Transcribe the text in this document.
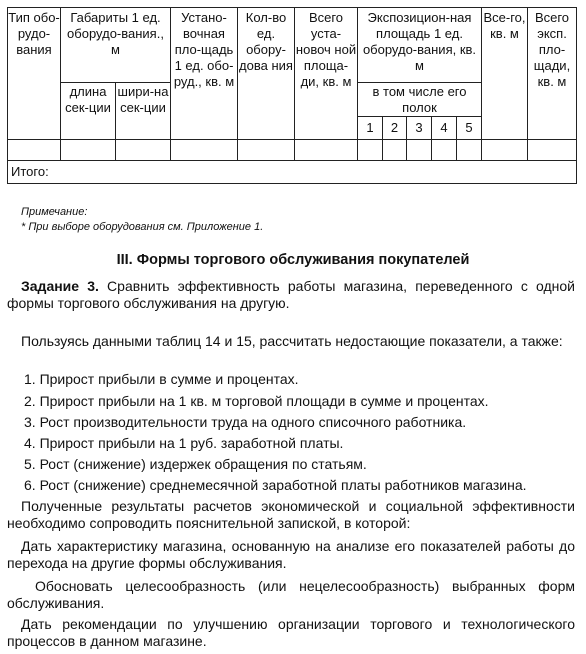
Тип обо-рудо-вания	Габариты 1 ед. оборудо-вания., м		Устано-вочная пло-щадь 1 ед. обо-руд., кв. м	Кол-во ед. обору-дова ния	Всего уста-новоч ной площа-ди, кв. м	Экспозицион-ная площадь 1 ед. оборудо-вания, кв. м					Все-го, кв. м	Всего эксп. пло-щади, кв. м
	длина сек-ции	шири-на сек-ции				в том числе его полок						
						1	2	3	4	5		

Итого:												
Примечание:
* При выборе оборудования см. Приложение 1.
III. Формы торгового обслуживания покупателей
Задание 3. Сравнить эффективность работы магазина, переведенного с одной формы торгового обслуживания на другую.
Пользуясь данными таблиц 14 и 15, рассчитать недостающие показатели, а также:
1. Прирост прибыли в сумме и процентах.
2. Прирост прибыли на 1 кв. м торговой площади в сумме и процентах.
3. Рост производительности труда на одного списочного работника.
4. Прирост прибыли на 1 руб. заработной платы.
5. Рост (снижение) издержек обращения по статьям.
6. Рост (снижение) среднемесячной заработной платы работников магазина.
Полученные результаты расчетов экономической и социальной эффективности необходимо сопроводить пояснительной запиской, в которой:
Дать характеристику магазина, основанную на анализе его показателей работы до перехода на другие формы обслуживания.
Обосновать целесообразность (или нецелесообразность) выбранных форм обслуживания.
Дать рекомендации по улучшению организации торгового и технологического процессов в данном магазине.
